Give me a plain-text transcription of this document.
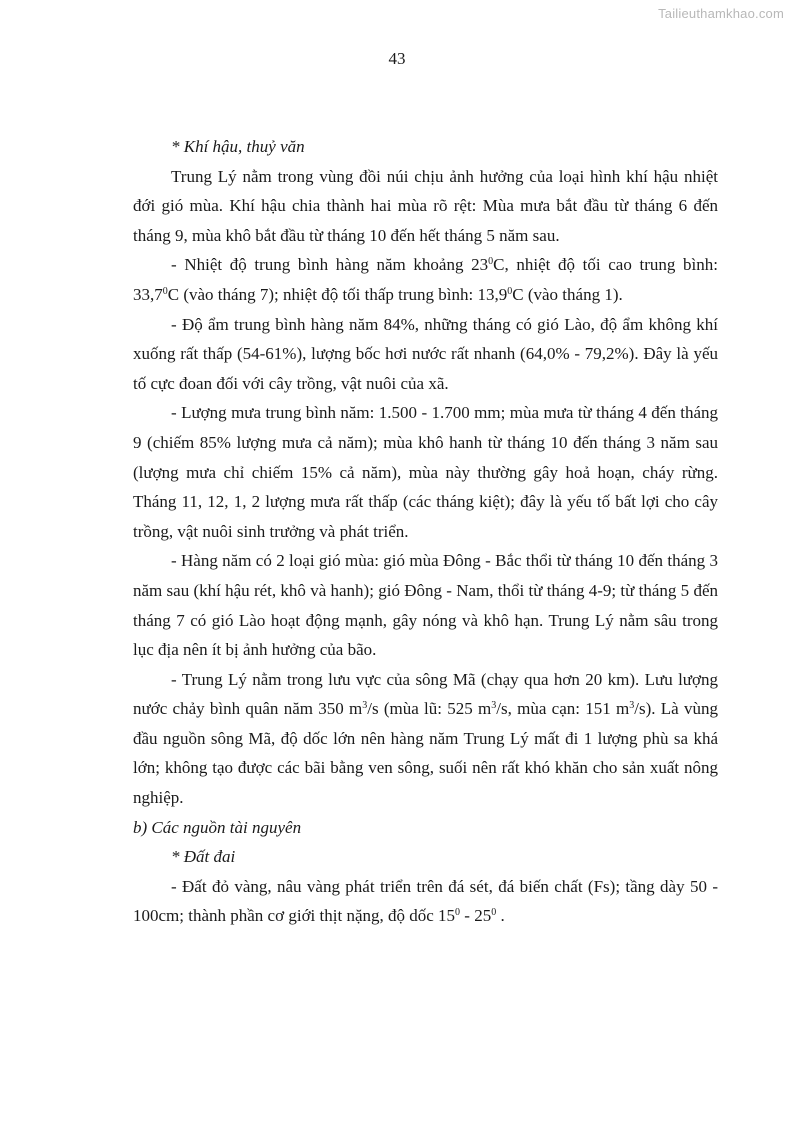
Tailieuthamkhao.com
43

* Khí hậu, thuỷ văn

Trung Lý nằm trong vùng đồi núi chịu ảnh hưởng của loại hình khí hậu nhiệt đới gió mùa. Khí hậu chia thành hai mùa rõ rệt: Mùa mưa bắt đầu từ tháng 6 đến tháng 9, mùa khô bắt đầu từ tháng 10 đến hết tháng 5 năm sau.

- Nhiệt độ trung bình hàng năm khoảng $23^0C$, nhiệt độ tối cao trung bình: 33,7$^0$C (vào tháng 7); nhiệt độ tối thấp trung bình: 13,9$^0$C (vào tháng 1).

- Độ ẩm trung bình hàng năm 84%, những tháng có gió Lào, độ ẩm không khí xuống rất thấp (54-61%), lượng bốc hơi nước rất nhanh (64,0% - 79,2%). Đây là yếu tố cực đoan đối với cây trồng, vật nuôi của xã.

- Lượng mưa trung bình năm: 1.500 - 1.700 mm; mùa mưa từ tháng 4 đến tháng 9 (chiếm 85% lượng mưa cả năm); mùa khô hanh từ tháng 10 đến tháng 3 năm sau (lượng mưa chỉ chiếm 15% cả năm), mùa này thường gây hoả hoạn, cháy rừng. Tháng 11, 12, 1, 2 lượng mưa rất thấp (các tháng kiệt); đây là yếu tố bất lợi cho cây trồng, vật nuôi sinh trưởng và phát triển.

- Hàng năm có 2 loại gió mùa: gió mùa Đông - Bắc thổi từ tháng 10 đến tháng 3 năm sau (khí hậu rét, khô và hanh); gió Đông - Nam, thổi từ tháng 4-9; từ tháng 5 đến tháng 7 có gió Lào hoạt động mạnh, gây nóng và khô hạn. Trung Lý nằm sâu trong lục địa nên ít bị ảnh hưởng của bão.

- Trung Lý nằm trong lưu vực của sông Mã (chạy qua hơn 20 km). Lưu lượng nước chảy bình quân năm 350 $m^3/s$ (mùa lũ: 525 $m^3/s$, mùa cạn: 151 $m^3/s$). Là vùng đầu nguồn sông Mã, độ dốc lớn nên hàng năm Trung Lý mất đi 1 lượng phù sa khá lớn; không tạo được các bãi bằng ven sông, suối nên rất khó khăn cho sản xuất nông nghiệp.

b) Các nguồn tài nguyên

* Đất đai

- Đất đỏ vàng, nâu vàng phát triển trên đá sét, đá biến chất (Fs); tầng dày 50 - 100cm; thành phần cơ giới thịt nặng, độ dốc $15^0 - 25^0$ .
